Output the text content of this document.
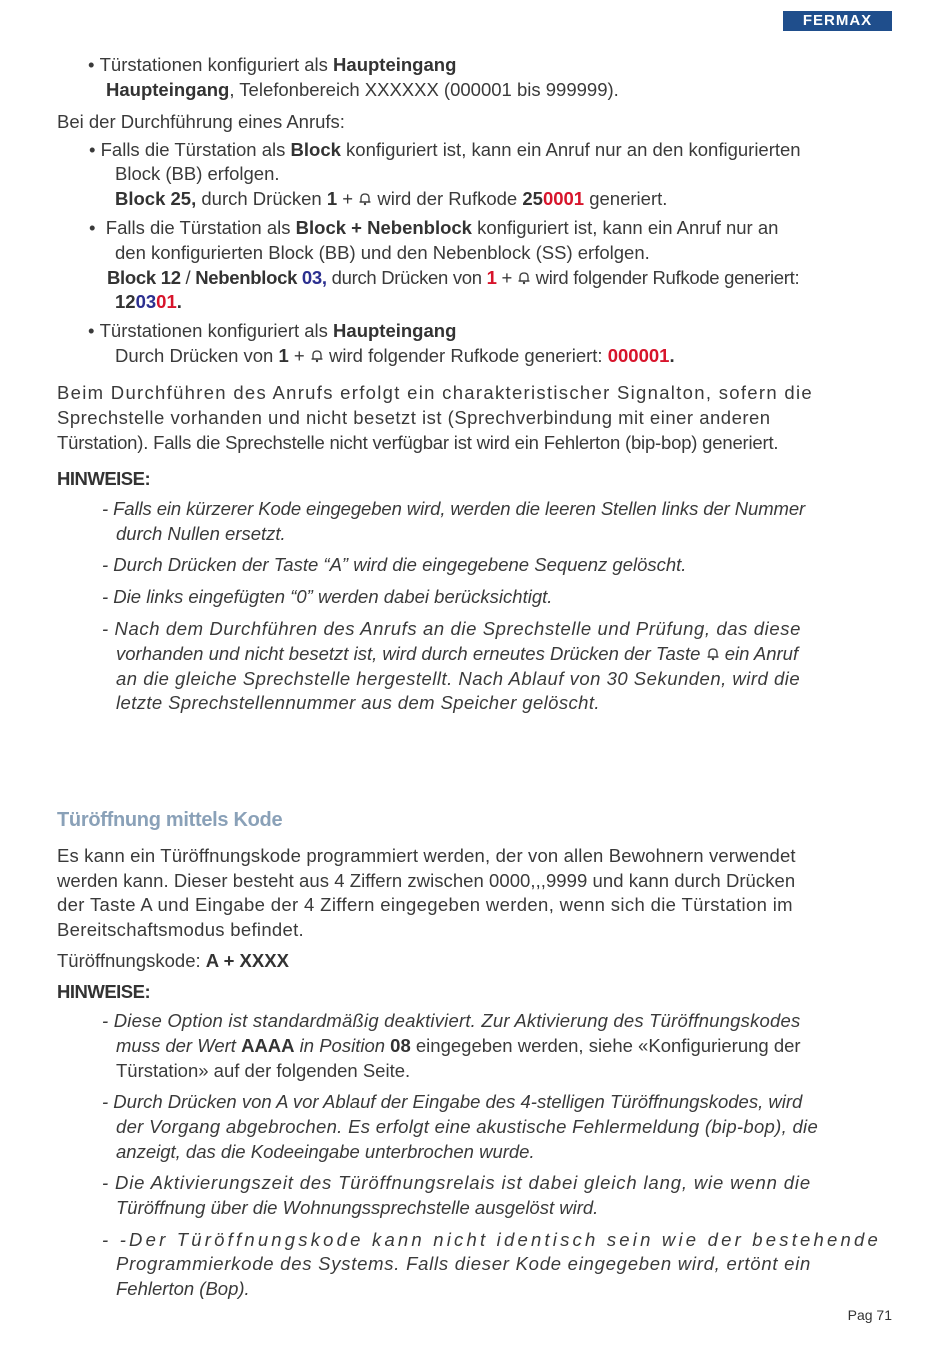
FERMAX
• Türstationen konfiguriert als Haupteingang
Haupteingang, Telefonbereich XXXXXX (000001 bis 999999).
Bei der Durchführung eines Anrufs:
• Falls die Türstation als Block konfiguriert ist, kann ein Anruf nur an den konfigurierten
Block (BB) erfolgen.
Block 25, durch Drücken 1 +  wird der Rufkode 250001 generiert.
•  Falls die Türstation als Block + Nebenblock konfiguriert ist, kann ein Anruf nur an
den konfigurierten Block (BB) und den Nebenblock (SS) erfolgen.
Block 12 / Nebenblock 03, durch Drücken von 1 +  wird folgender Rufkode generiert:
120301.
• Türstationen konfiguriert als Haupteingang
Durch Drücken von 1 +  wird folgender Rufkode generiert: 000001.
Beim Durchführen des Anrufs erfolgt ein charakteristischer Signalton, sofern die
Sprechstelle vorhanden und nicht besetzt ist (Sprechverbindung mit einer anderen
Türstation). Falls die Sprechstelle nicht verfügbar ist wird ein Fehlerton (bip-bop) generiert.
HINWEISE:
- Falls ein kürzerer Kode eingegeben wird, werden die leeren Stellen links der Nummer
durch Nullen ersetzt.
- Durch Drücken der Taste “A” wird die eingegebene Sequenz gelöscht.
- Die links eingefügten “0” werden dabei berücksichtigt.
- Nach dem Durchführen des Anrufs an die Sprechstelle und Prüfung, das diese
vorhanden und nicht besetzt ist, wird durch erneutes Drücken der Taste  ein Anruf
an die gleiche Sprechstelle hergestellt. Nach Ablauf von 30 Sekunden, wird die
letzte Sprechstellennummer aus dem Speicher gelöscht.
Türöffnung mittels Kode
Es kann ein Türöffnungskode programmiert werden, der von allen Bewohnern verwendet
werden kann. Dieser besteht aus 4 Ziffern zwischen 0000,,,9999 und kann durch Drücken
der Taste A und Eingabe der 4 Ziffern eingegeben werden, wenn sich die Türstation im
Bereitschaftsmodus befindet.
Türöffnungskode: A + XXXX
HINWEISE:
- Diese Option ist standardmäßig deaktiviert. Zur Aktivierung des Türöffnungskodes
muss der Wert AAAA in Position 08 eingegeben werden, siehe «Konfigurierung der
Türstation» auf der folgenden Seite.
- Durch Drücken von A vor Ablauf der Eingabe des 4-stelligen Türöffnungskodes, wird
der Vorgang abgebrochen. Es erfolgt eine akustische Fehlermeldung (bip-bop), die
anzeigt, das die Kodeeingabe unterbrochen wurde.
- Die Aktivierungszeit des Türöffnungsrelais ist dabei gleich lang, wie wenn die
Türöffnung über die Wohnungssprechstelle ausgelöst wird.
- -Der Türöffnungskode kann nicht identisch sein wie der bestehende
Programmierkode des Systems. Falls dieser Kode eingegeben wird, ertönt ein
Fehlerton (Bop).
Pag 71
